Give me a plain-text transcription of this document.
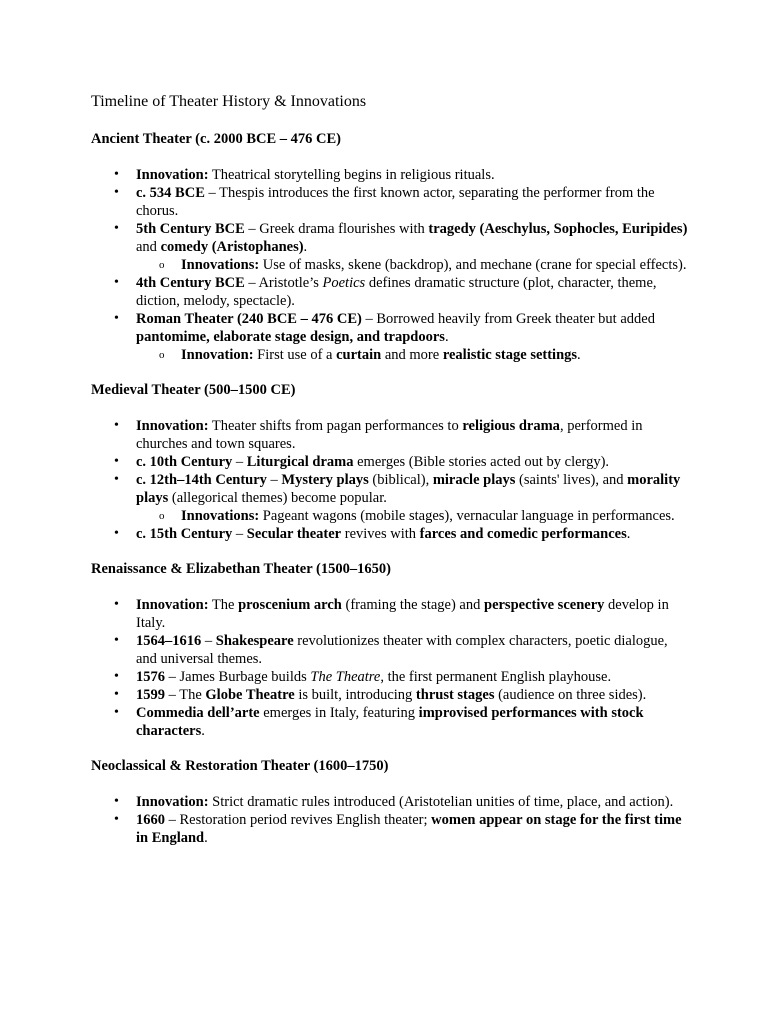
Timeline of Theater History & Innovations
Ancient Theater (c. 2000 BCE – 476 CE)
• Innovation: Theatrical storytelling begins in religious rituals.
• c. 534 BCE – Thespis introduces the first known actor, separating the performer from the chorus.
• 5th Century BCE – Greek drama flourishes with tragedy (Aeschylus, Sophocles, Euripides) and comedy (Aristophanes).
o Innovations: Use of masks, skene (backdrop), and mechane (crane for special effects).
• 4th Century BCE – Aristotle’s Poetics defines dramatic structure (plot, character, theme, diction, melody, spectacle).
• Roman Theater (240 BCE – 476 CE) – Borrowed heavily from Greek theater but added pantomime, elaborate stage design, and trapdoors.
o Innovation: First use of a curtain and more realistic stage settings.
Medieval Theater (500–1500 CE)
• Innovation: Theater shifts from pagan performances to religious drama, performed in churches and town squares.
• c. 10th Century – Liturgical drama emerges (Bible stories acted out by clergy).
• c. 12th–14th Century – Mystery plays (biblical), miracle plays (saints' lives), and morality plays (allegorical themes) become popular.
o Innovations: Pageant wagons (mobile stages), vernacular language in performances.
• c. 15th Century – Secular theater revives with farces and comedic performances.
Renaissance & Elizabethan Theater (1500–1650)
• Innovation: The proscenium arch (framing the stage) and perspective scenery develop in Italy.
• 1564–1616 – Shakespeare revolutionizes theater with complex characters, poetic dialogue, and universal themes.
• 1576 – James Burbage builds The Theatre, the first permanent English playhouse.
• 1599 – The Globe Theatre is built, introducing thrust stages (audience on three sides).
• Commedia dell’arte emerges in Italy, featuring improvised performances with stock characters.
Neoclassical & Restoration Theater (1600–1750)
• Innovation: Strict dramatic rules introduced (Aristotelian unities of time, place, and action).
• 1660 – Restoration period revives English theater; women appear on stage for the first time in England.
